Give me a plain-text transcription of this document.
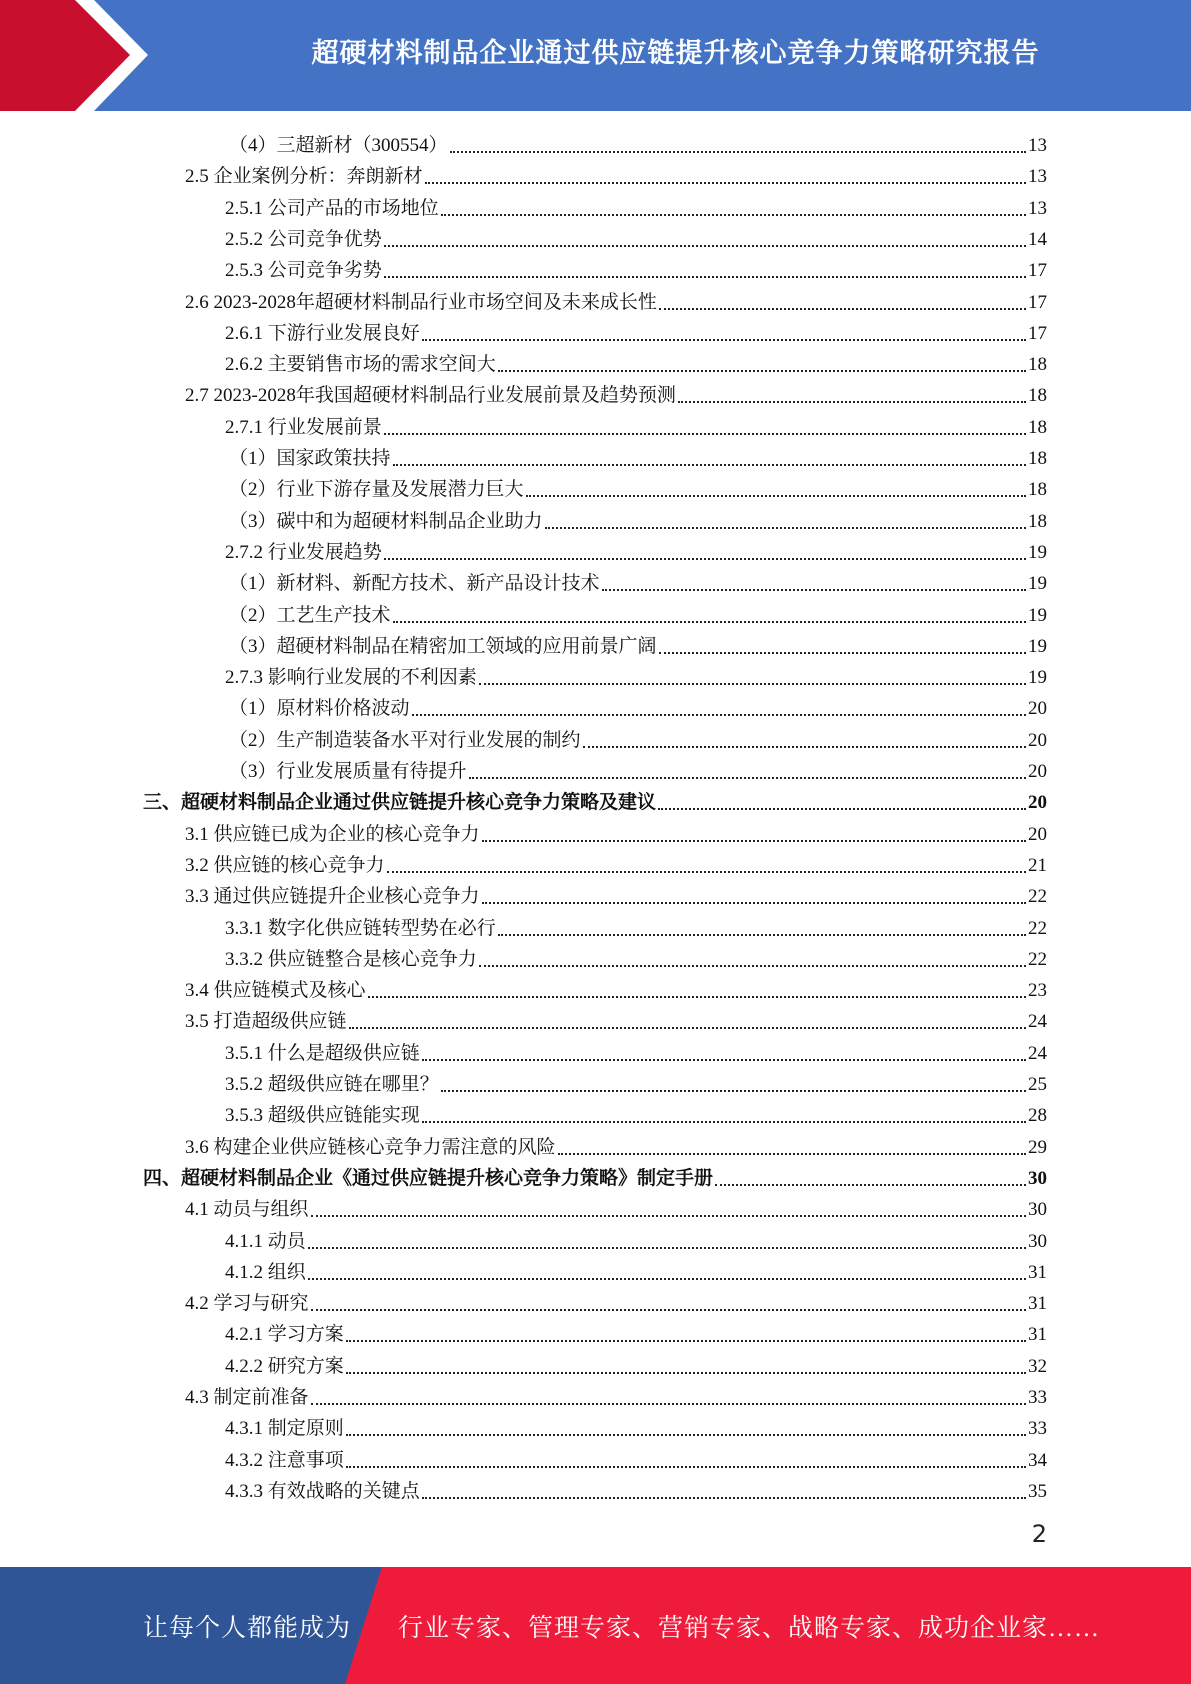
超硬材料制品企业通过供应链提升核心竞争力策略研究报告
（4）三超新材（300554）	13
2.5 企业案例分析：奔朗新材	13
2.5.1 公司产品的市场地位	13
2.5.2 公司竞争优势	14
2.5.3 公司竞争劣势	17
2.6 2023-2028年超硬材料制品行业市场空间及未来成长性	17
2.6.1 下游行业发展良好	17
2.6.2 主要销售市场的需求空间大	18
2.7 2023-2028年我国超硬材料制品行业发展前景及趋势预测	18
2.7.1 行业发展前景	18
（1）国家政策扶持	18
（2）行业下游存量及发展潜力巨大	18
（3）碳中和为超硬材料制品企业助力	18
2.7.2 行业发展趋势	19
（1）新材料、新配方技术、新产品设计技术	19
（2）工艺生产技术	19
（3）超硬材料制品在精密加工领域的应用前景广阔	19
2.7.3 影响行业发展的不利因素	19
（1）原材料价格波动	20
（2）生产制造装备水平对行业发展的制约	20
（3）行业发展质量有待提升	20
三、超硬材料制品企业通过供应链提升核心竞争力策略及建议	20
3.1 供应链已成为企业的核心竞争力	20
3.2 供应链的核心竞争力	21
3.3 通过供应链提升企业核心竞争力	22
3.3.1 数字化供应链转型势在必行	22
3.3.2 供应链整合是核心竞争力	22
3.4 供应链模式及核心	23
3.5 打造超级供应链	24
3.5.1 什么是超级供应链	24
3.5.2 超级供应链在哪里？	25
3.5.3 超级供应链能实现	28
3.6 构建企业供应链核心竞争力需注意的风险	29
四、超硬材料制品企业《通过供应链提升核心竞争力策略》制定手册	30
4.1 动员与组织	30
4.1.1 动员	30
4.1.2 组织	31
4.2 学习与研究	31
4.2.1 学习方案	31
4.2.2 研究方案	32
4.3 制定前准备	33
4.3.1 制定原则	33
4.3.2 注意事项	34
4.3.3 有效战略的关键点	35
2
让每个人都能成为 行业专家、管理专家、营销专家、战略专家、成功企业家……
